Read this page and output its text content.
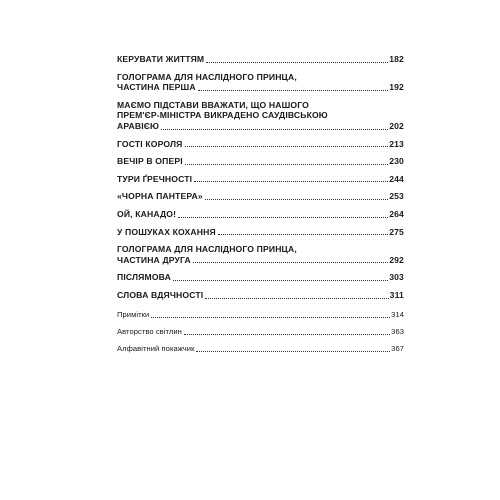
КЕРУВАТИ ЖИТТЯМ	182
ГОЛОГРАМА ДЛЯ НАСЛІДНОГО ПРИНЦА,
ЧАСТИНА ПЕРША	192
МАЄМО ПІДСТАВИ ВВАЖАТИ, ЩО НАШОГО
ПРЕМ'ЄР-МІНІСТРА ВИКРАДЕНО САУДІВСЬКОЮ
АРАВІЄЮ	202
ГОСТІ КОРОЛЯ	213
ВЕЧІР В ОПЕРІ	230
ТУРИ ҐРЕЧНОСТІ	244
«ЧОРНА ПАНТЕРА»	253
ОЙ, КАНАДО!	264
У ПОШУКАХ КОХАННЯ	275
ГОЛОГРАМА ДЛЯ НАСЛІДНОГО ПРИНЦА,
ЧАСТИНА ДРУГА	292
ПІСЛЯМОВА	303
СЛОВА ВДЯЧНОСТІ	311
Примітки	314
Авторство світлин	363
Алфавітний покажчик	367
